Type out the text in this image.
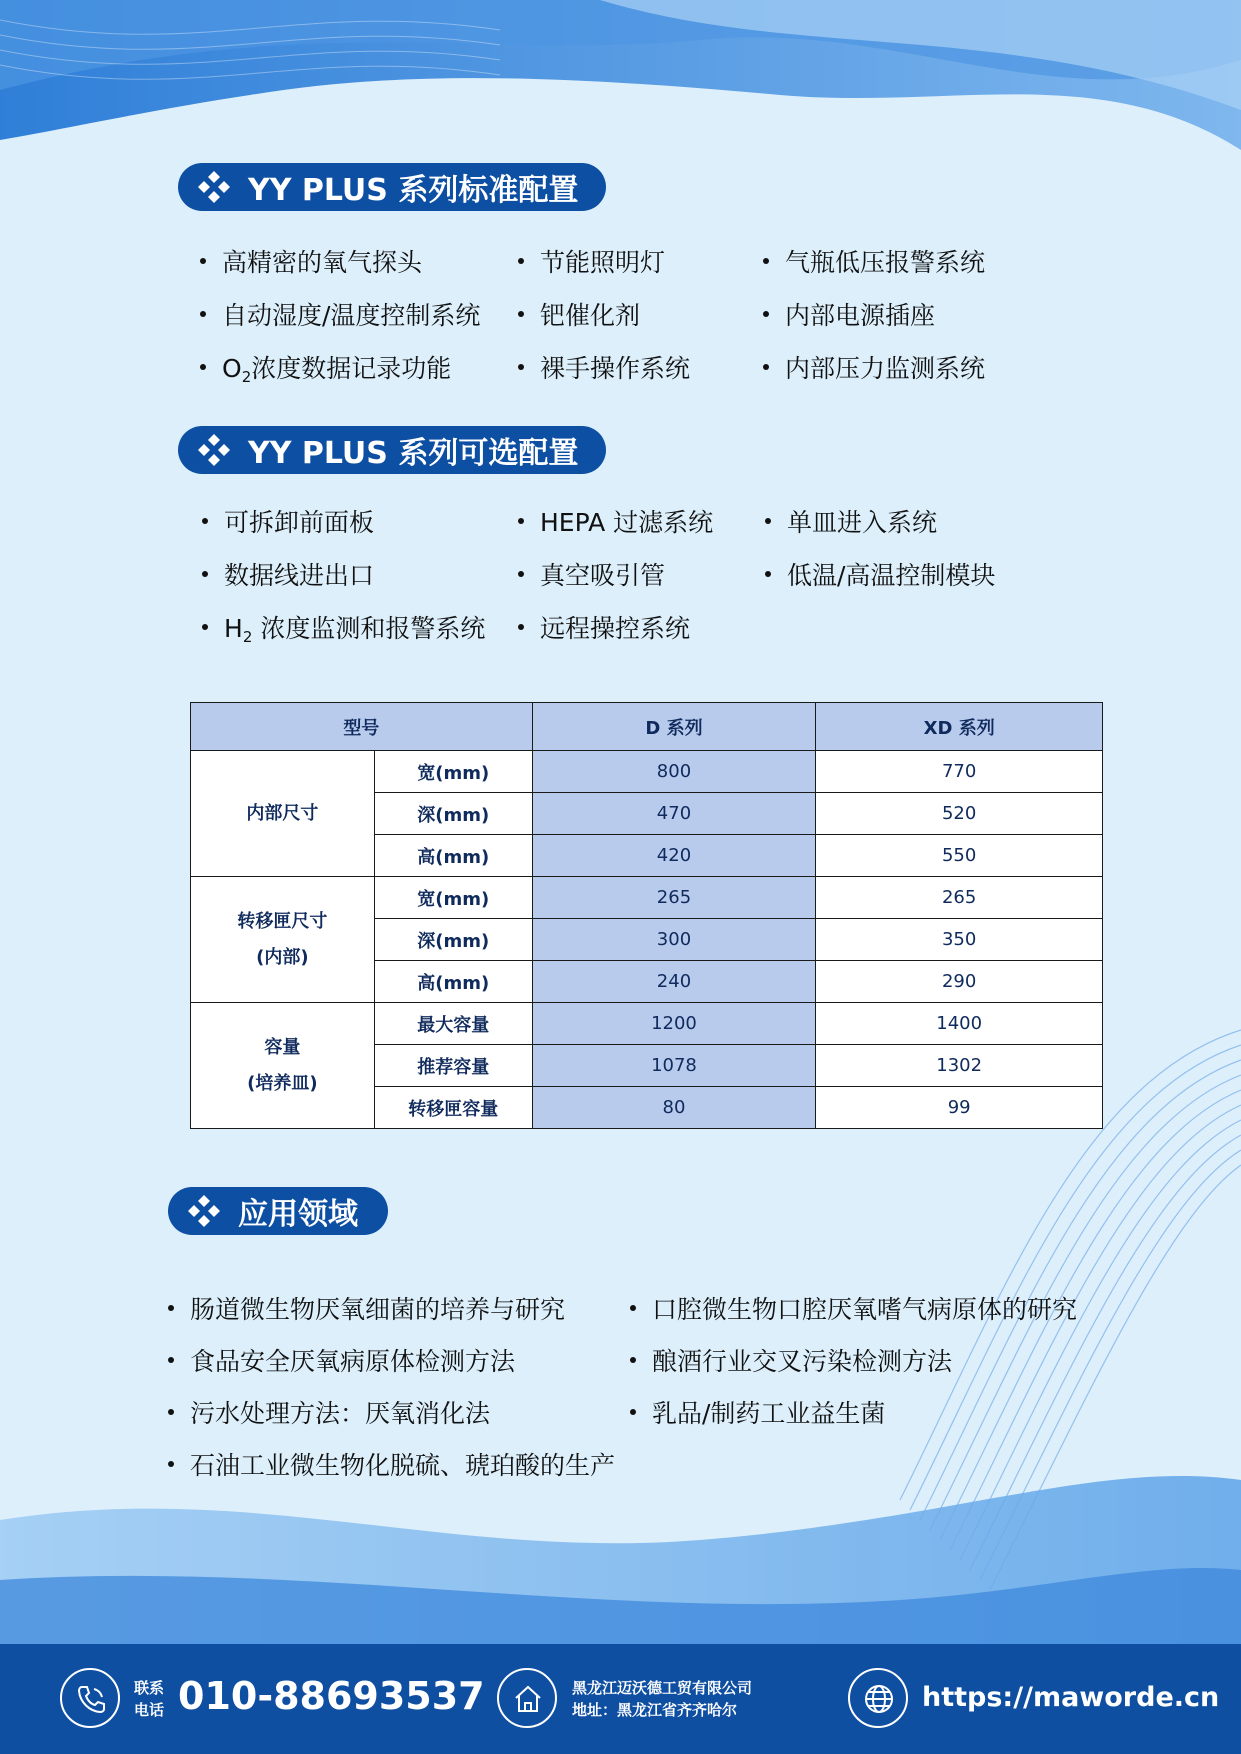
YY PLUS 系列标准配置
高精密的氧气探头
自动湿度/温度控制系统
$O_2$浓度数据记录功能
节能照明灯
钯催化剂
裸手操作系统
气瓶低压报警系统
内部电源插座
内部压力监测系统
YY PLUS 系列可选配置
可拆卸前面板
数据线进出口
$H_2$ 浓度监测和报警系统
HEPA 过滤系统
真空吸引管
远程操控系统
单皿进入系统
低温/高温控制模块
型号		D 系列	XD 系列
内部尺寸	宽(mm)	800	770
	深(mm)	470	520
	高(mm)	420	550
转移匣尺寸
(内部)	宽(mm)	265	265
	深(mm)	300	350
	高(mm)	240	290
容量
(培养皿)	最大容量	1200	1400
	推荐容量	1078	1302
	转移匣容量	80	99
应用领域
肠道微生物厌氧细菌的培养与研究
食品安全厌氧病原体检测方法
污水处理方法：厌氧消化法
石油工业微生物化脱硫、琥珀酸的生产
口腔微生物口腔厌氧嗜气病原体的研究
酿酒行业交叉污染检测方法
乳品/制药工业益生菌
联系
电话 010-88693537	黑龙江迈沃德工贸有限公司
地址：黑龙江省齐齐哈尔	https://maworde.cn
